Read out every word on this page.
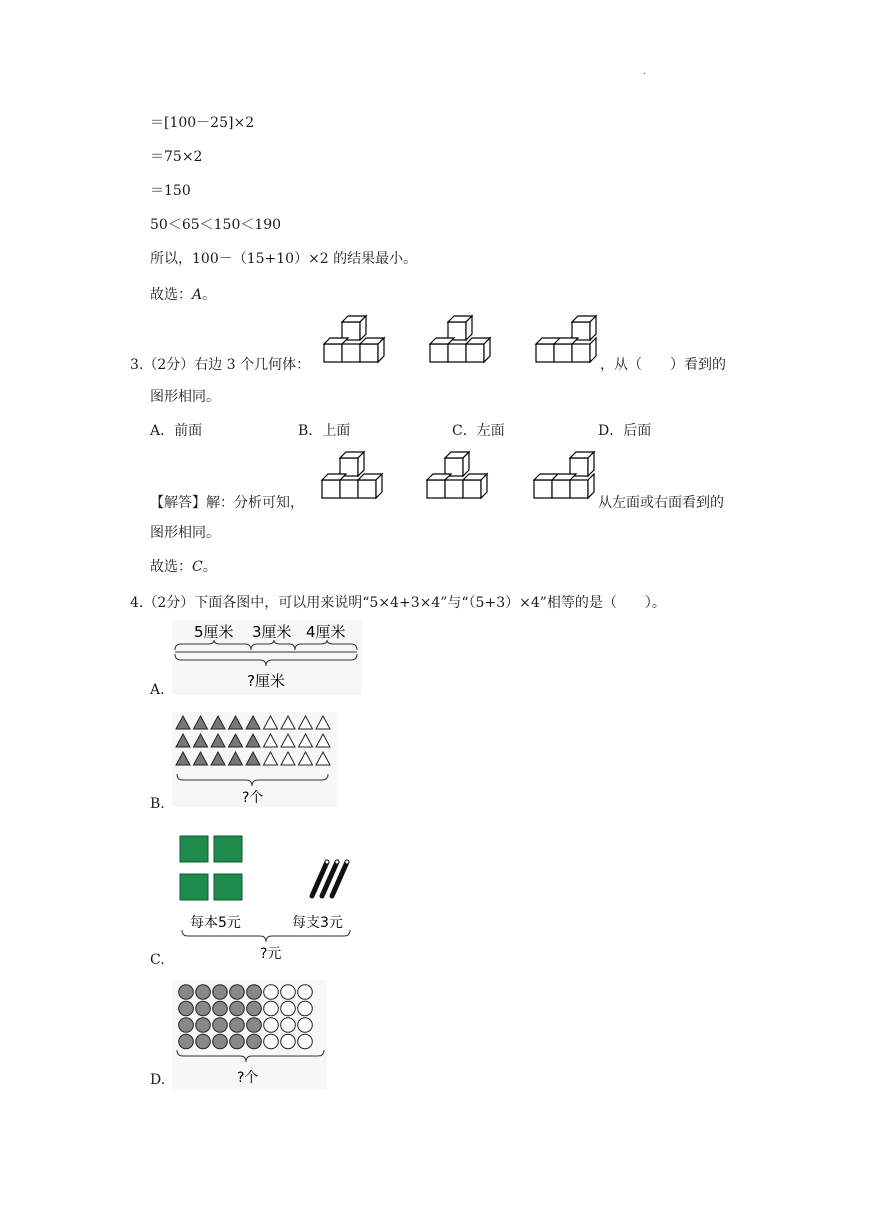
.
＝[100－25]×2
＝75×2
＝150
50＜65＜150＜190
所以，100－（15+10）×2 的结果最小。
故选：A。
3.（2分）右边 3 个几何体：	，从（　　）看到的
图形相同。
A．前面	B．上面	C．左面	D．后面
【解答】解：分析可知，	从左面或右面看到的
图形相同。
故选：C。
4.（2分）下面各图中，可以用来说明“5×4+3×4”与“（5+3）×4”相等的是（　　）。
5厘米 3厘米 4厘米
?厘米
A.
?个
B.
每本5元	每支3元
?元
C.
?个
D.
